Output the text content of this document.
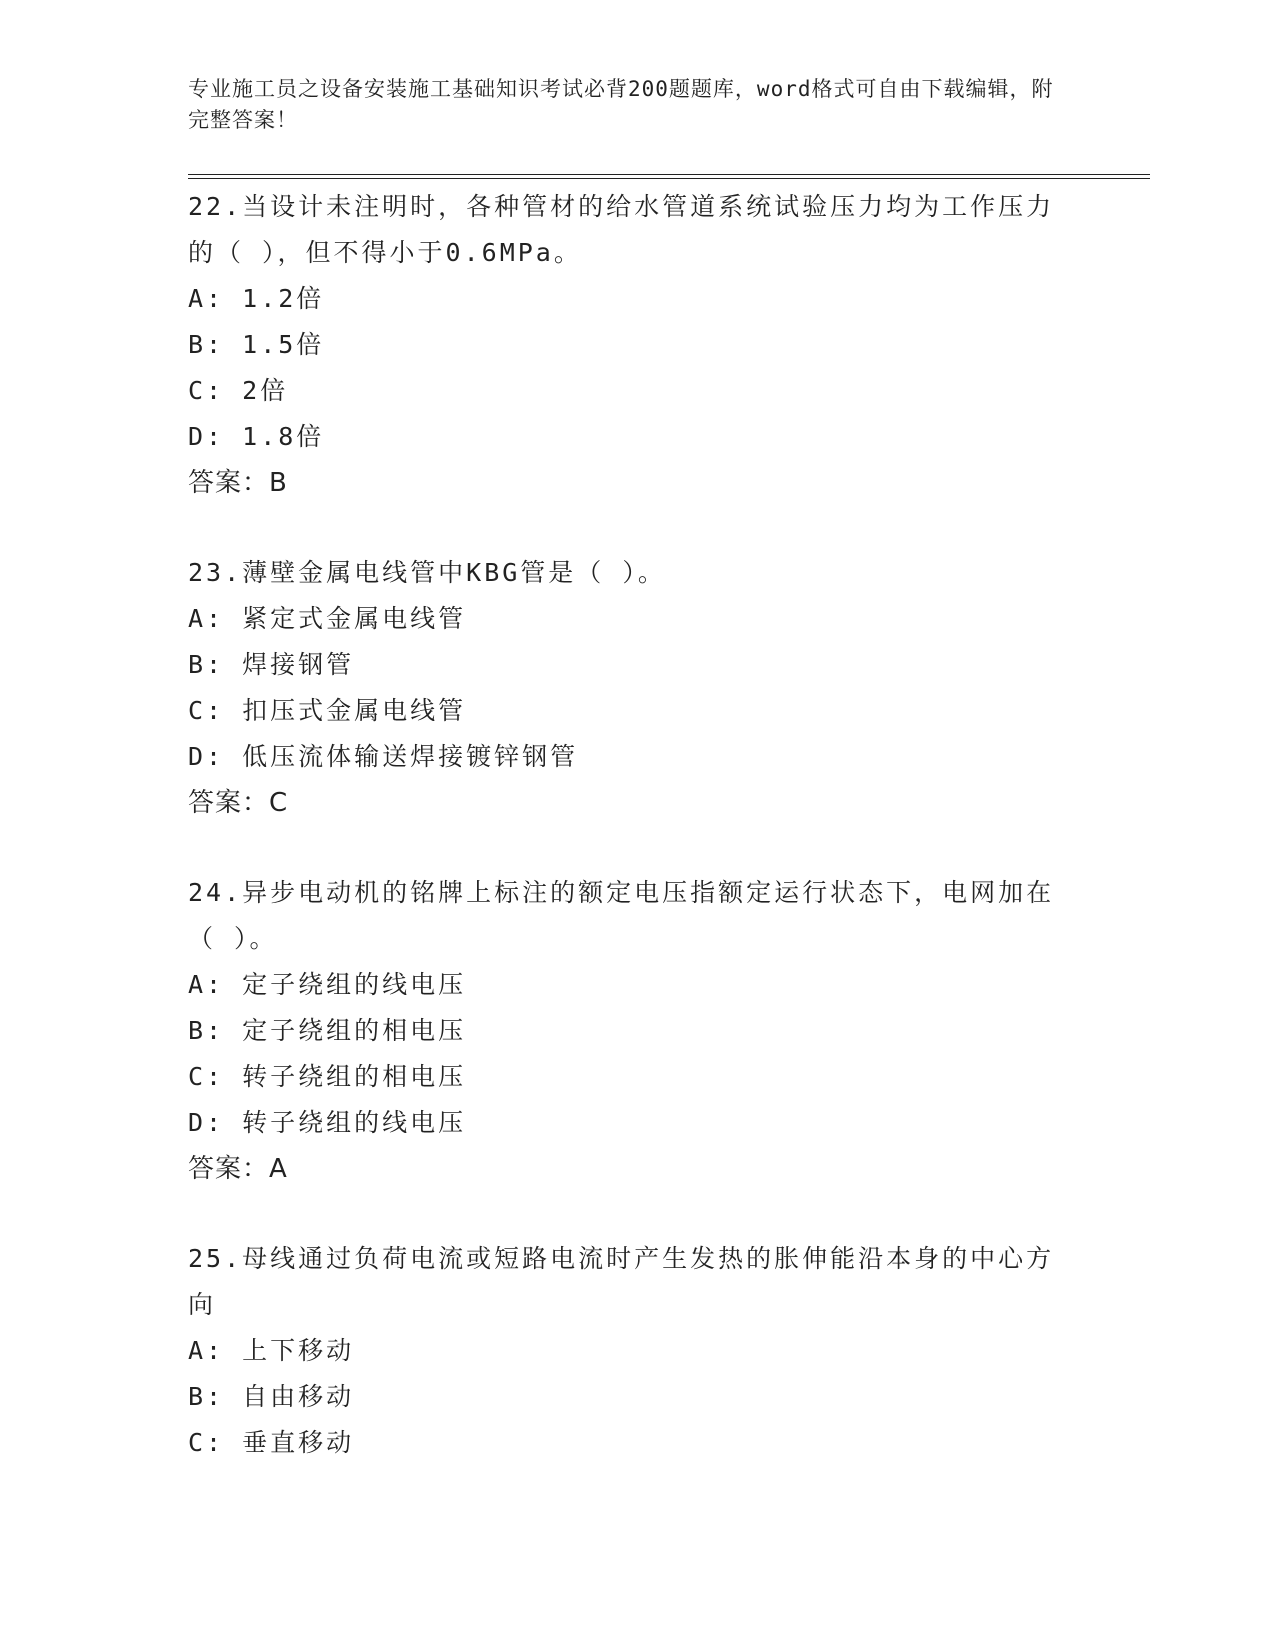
专业施工员之设备安装施工基础知识考试必背200题题库，word格式可自由下载编辑，附完整答案！

22.当设计未注明时，各种管材的给水管道系统试验压力均为工作压力的（ ），但不得小于0.6MPa。

A: 1.2倍

B: 1.5倍

C: 2倍

D: 1.8倍

答案：B

23.薄壁金属电线管中KBG管是（ ）。

A: 紧定式金属电线管

B: 焊接钢管

C: 扣压式金属电线管

D: 低压流体输送焊接镀锌钢管

答案：C

24.异步电动机的铭牌上标注的额定电压指额定运行状态下，电网加在（ ）。

A: 定子绕组的线电压

B: 定子绕组的相电压

C: 转子绕组的相电压

D: 转子绕组的线电压

答案：A

25.母线通过负荷电流或短路电流时产生发热的胀伸能沿本身的中心方向

A: 上下移动

B: 自由移动

C: 垂直移动
